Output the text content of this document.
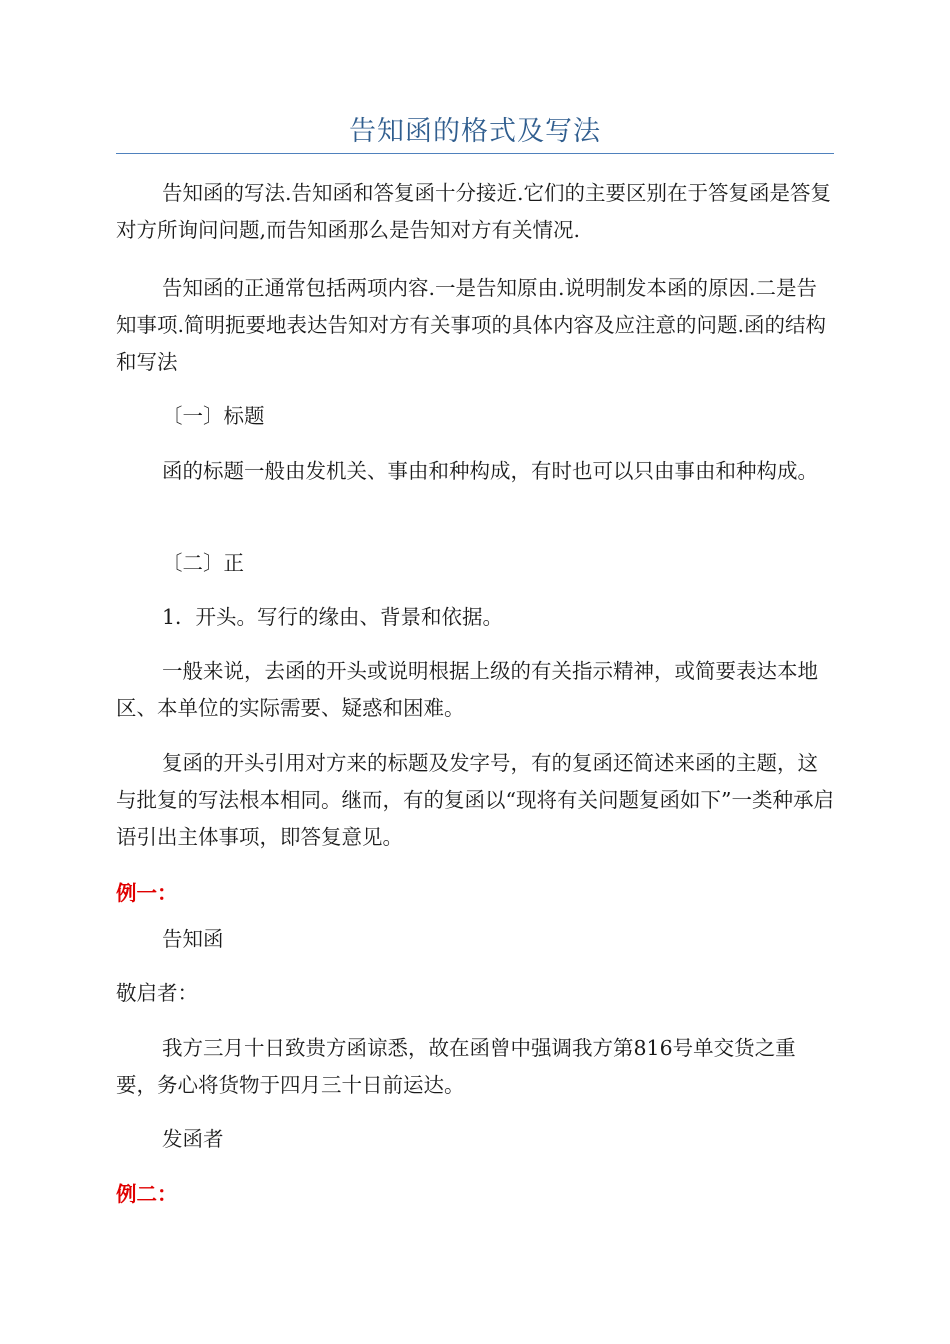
告知函的格式及写法

告知函的写法.告知函和答复函十分接近.它们的主要区别在于答复函是答复对方所询问问题,而告知函那么是告知对方有关情况.

告知函的正通常包括两项内容.一是告知原由.说明制发本函的原因.二是告知事项.简明扼要地表达告知对方有关事项的具体内容及应注意的问题.函的结构和写法

〔一〕标题

函的标题一般由发机关、事由和种构成，有时也可以只由事由和种构成。

〔二〕正

1．开头。写行的缘由、背景和依据。

一般来说，去函的开头或说明根据上级的有关指示精神，或简要表达本地区、本单位的实际需要、疑惑和困难。

复函的开头引用对方来的标题及发字号，有的复函还简述来函的主题，这与批复的写法根本相同。继而，有的复函以“现将有关问题复函如下”一类种承启语引出主体事项，即答复意见。

例一：

告知函

敬启者：

我方三月十日致贵方函谅悉，故在函曾中强调我方第816号单交货之重要，务心将货物于四月三十日前运达。

发函者

例二：
